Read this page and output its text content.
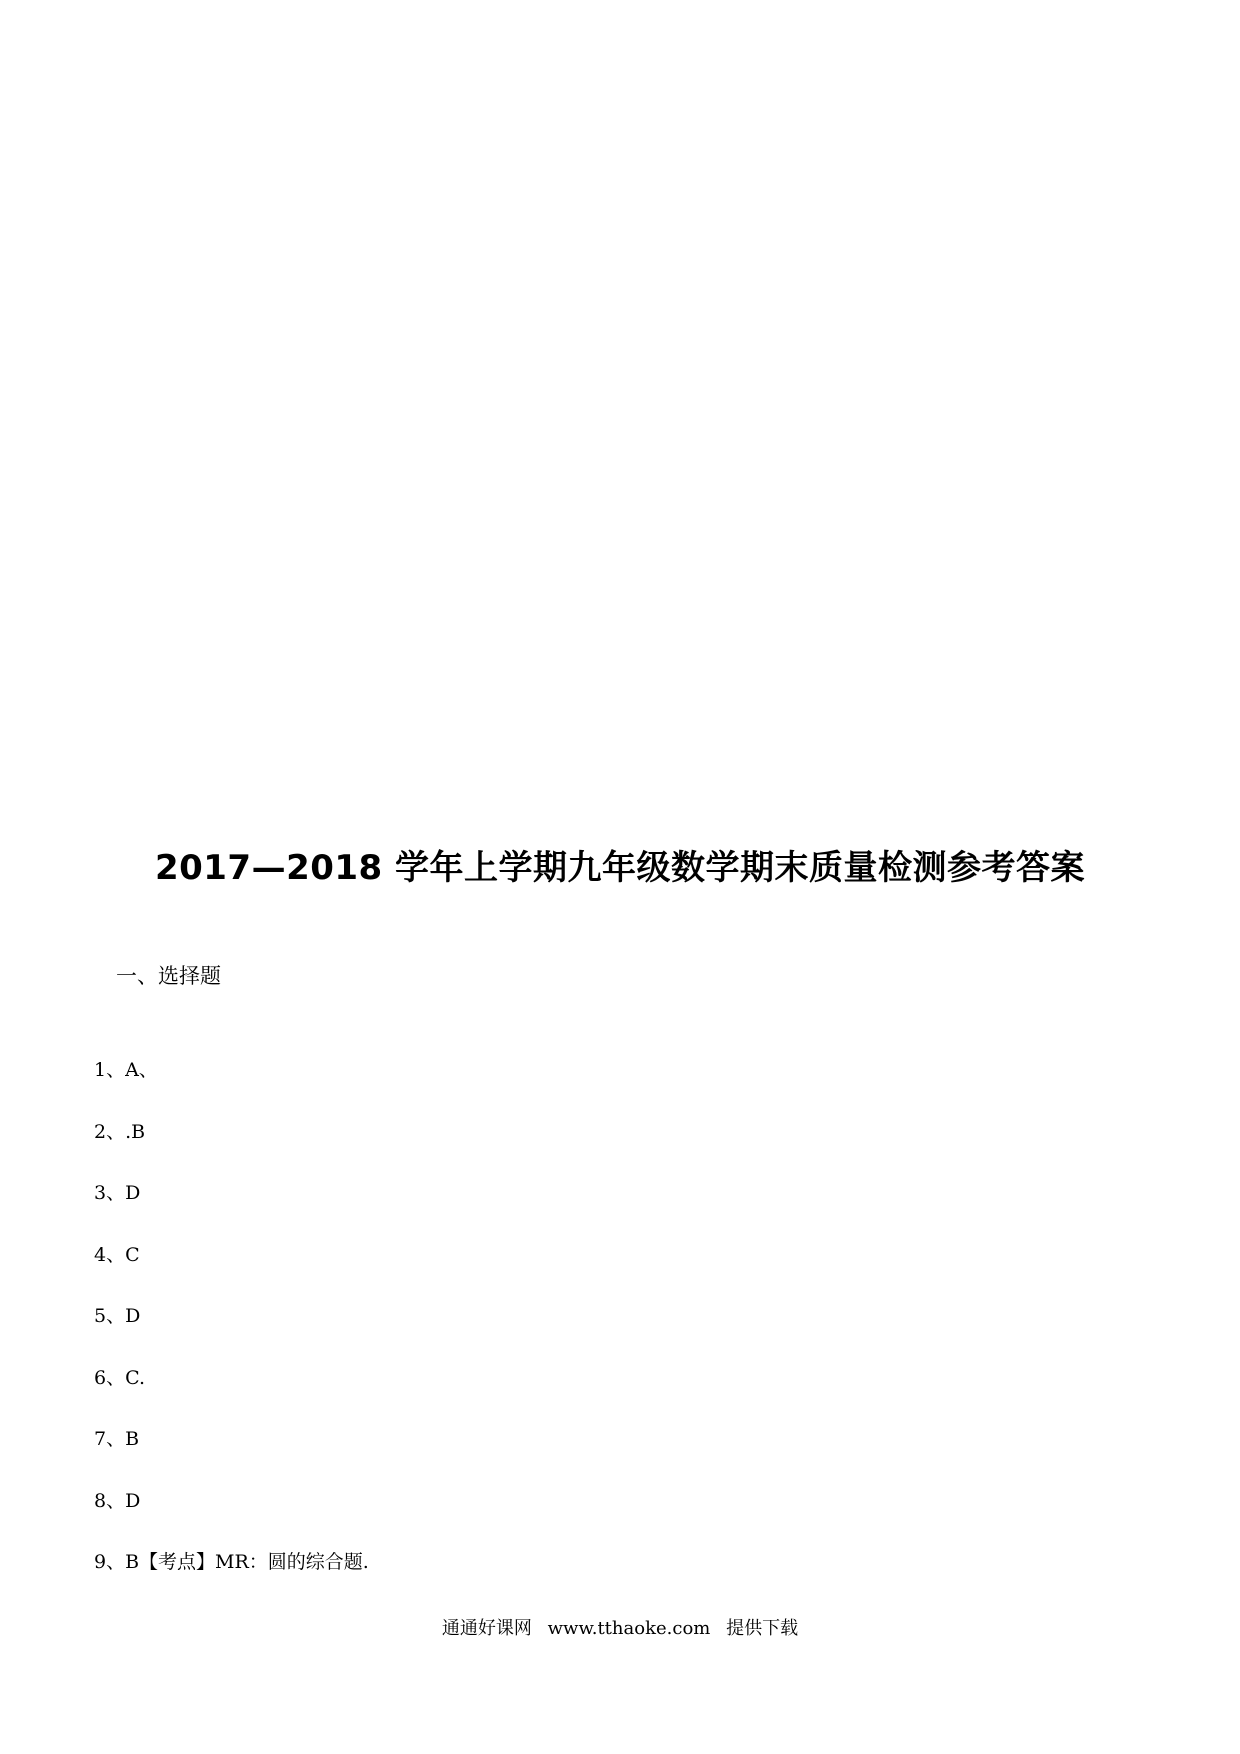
2017—2018 学年上学期九年级数学期末质量检测参考答案

一、选择题

1、A、
2、.B
3、D
4、C
5、D
6、C.
7、B
8、D
9、B【考点】MR：圆的综合题.
通通好课网 www.tthaoke.com 提供下载
